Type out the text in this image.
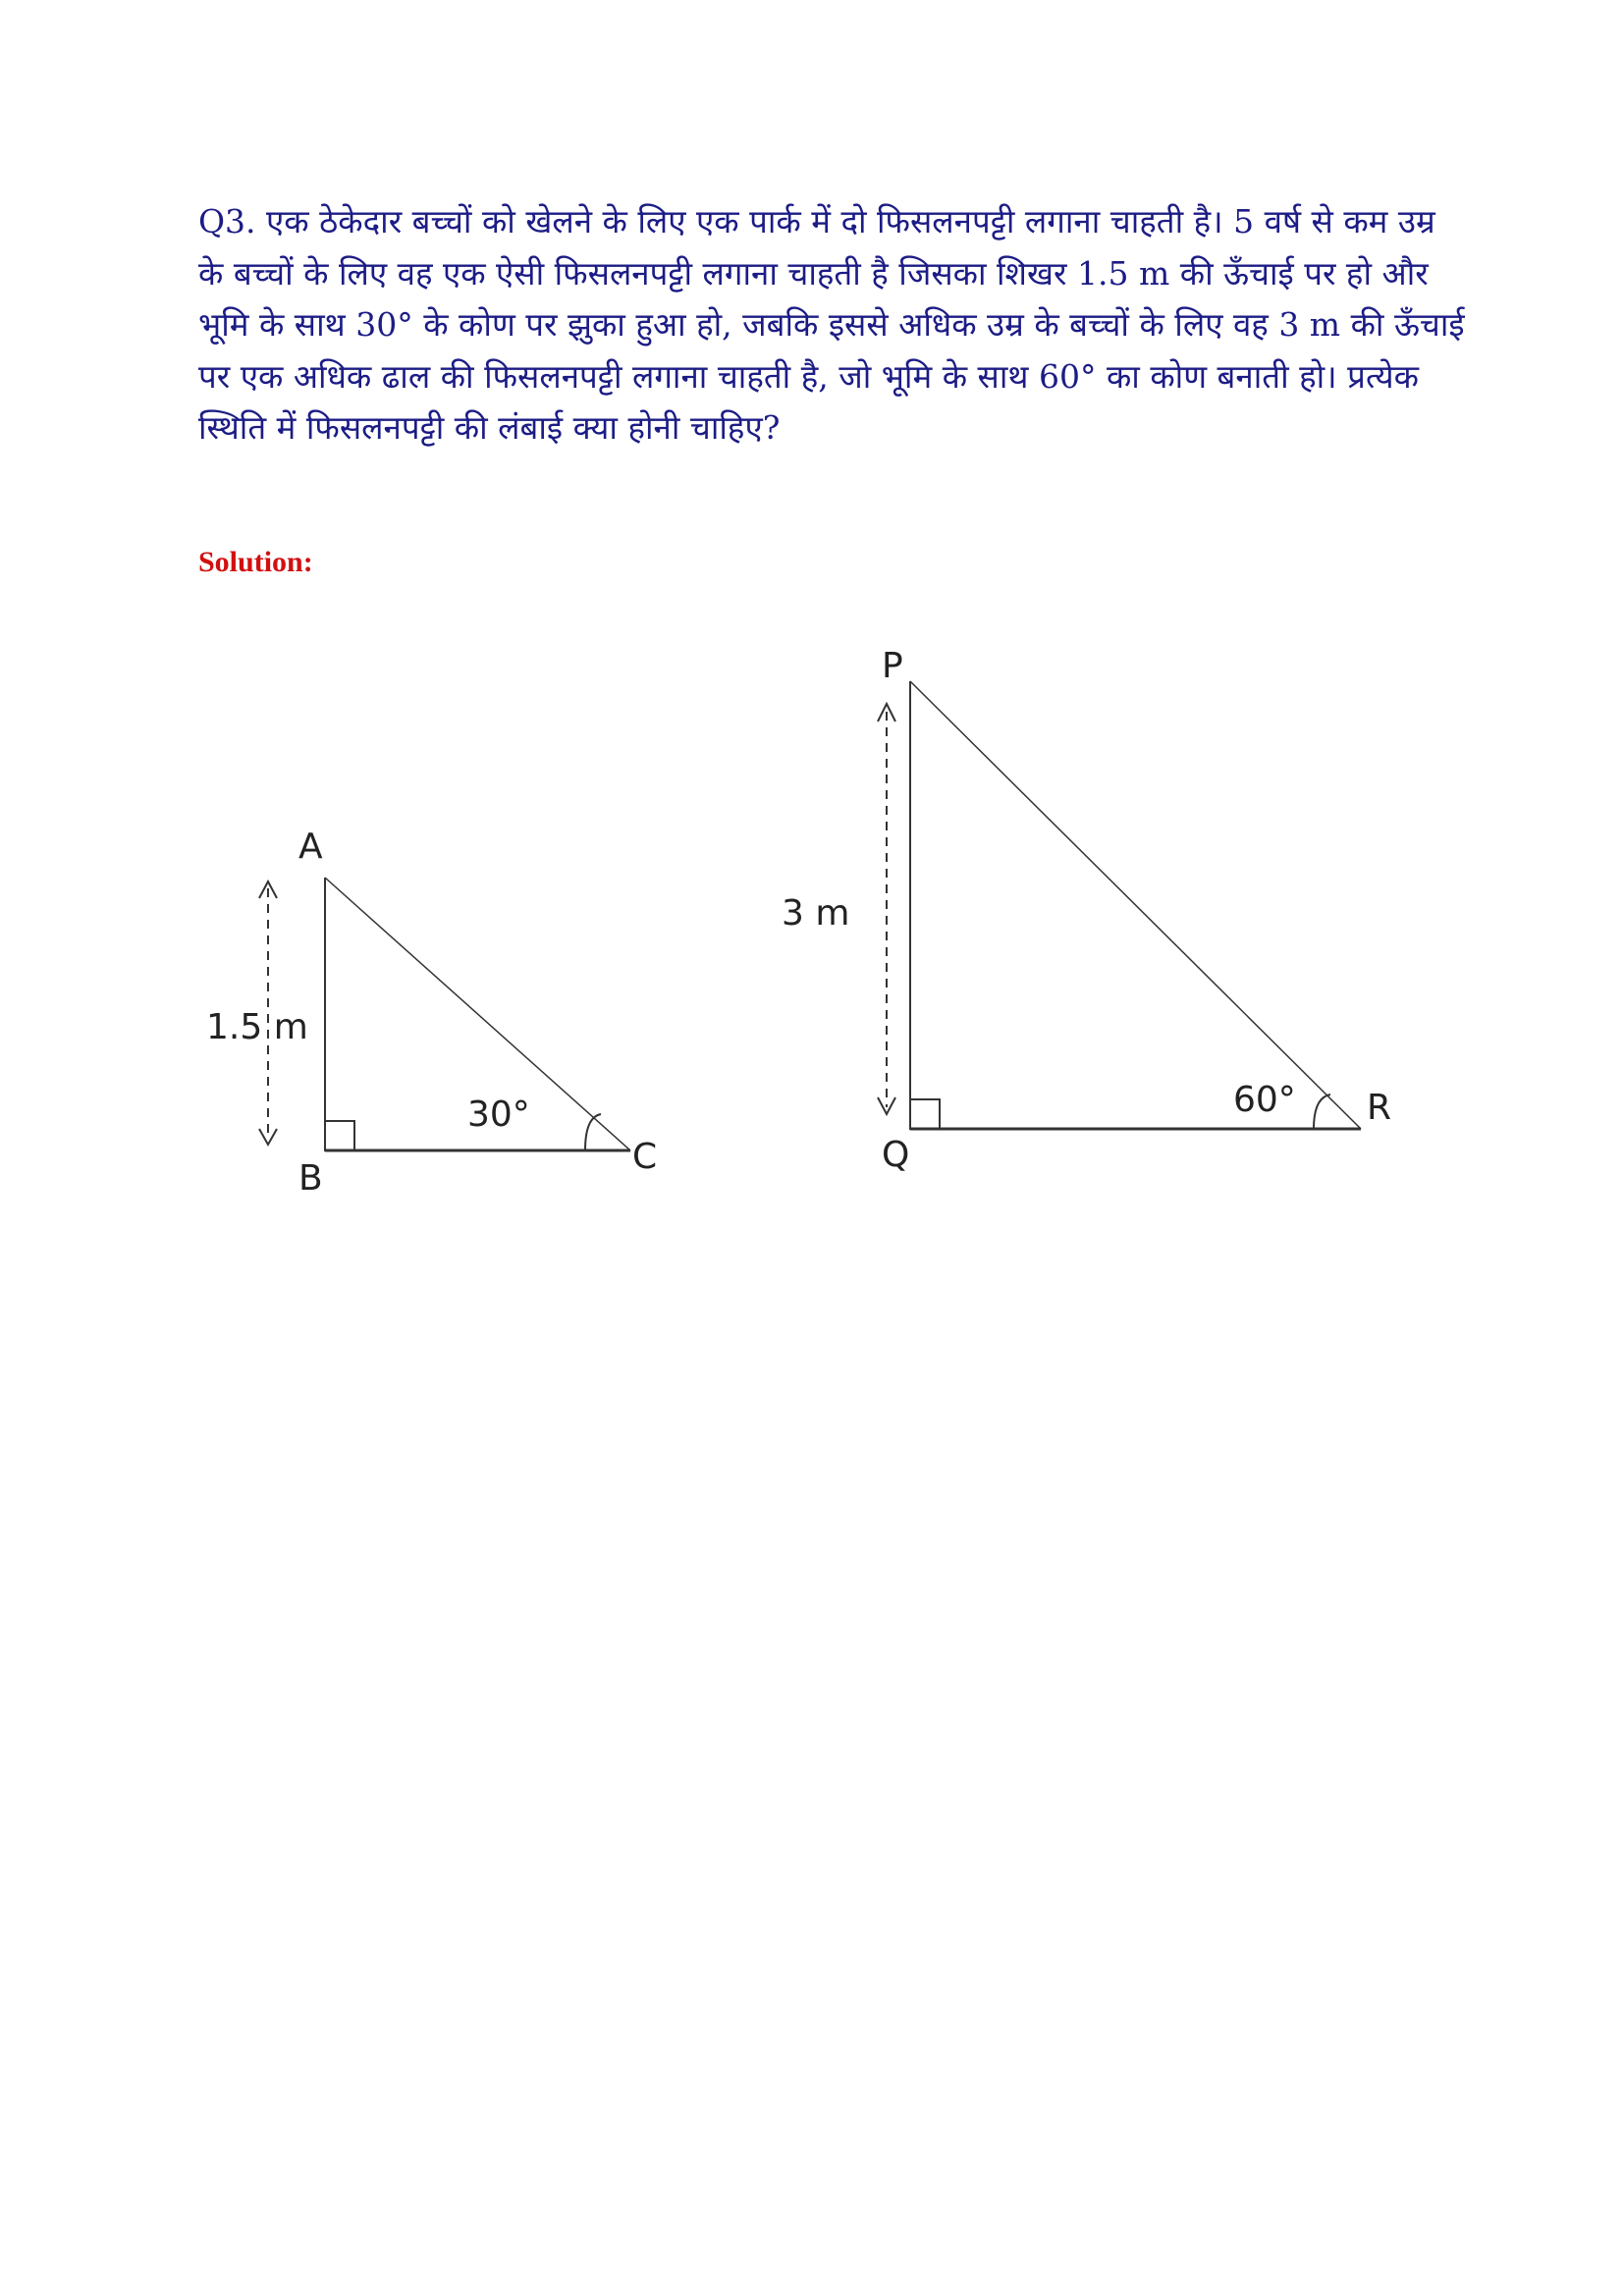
Q3. एक ठेकेदार बच्चों को खेलने के लिए एक पार्क में दो फिसलनपट्टी लगाना चाहती है। 5 वर्ष से कम उम्र के बच्चों के लिए वह एक ऐसी फिसलनपट्टी लगाना चाहती है जिसका शिखर 1.5 m की ऊँचाई पर हो और भूमि के साथ 30° के कोण पर झुका हुआ हो, जबकि इससे अधिक उम्र के बच्चों के लिए वह 3 m की ऊँचाई पर एक अधिक ढाल की फिसलनपट्टी लगाना चाहती है, जो भूमि के साथ 60° का कोण बनाती हो। प्रत्येक स्थिति में फिसलनपट्टी की लंबाई क्या होनी चाहिए?
Solution:
A
B
C
1.5 m
30°
P
Q
R
3 m
60°
